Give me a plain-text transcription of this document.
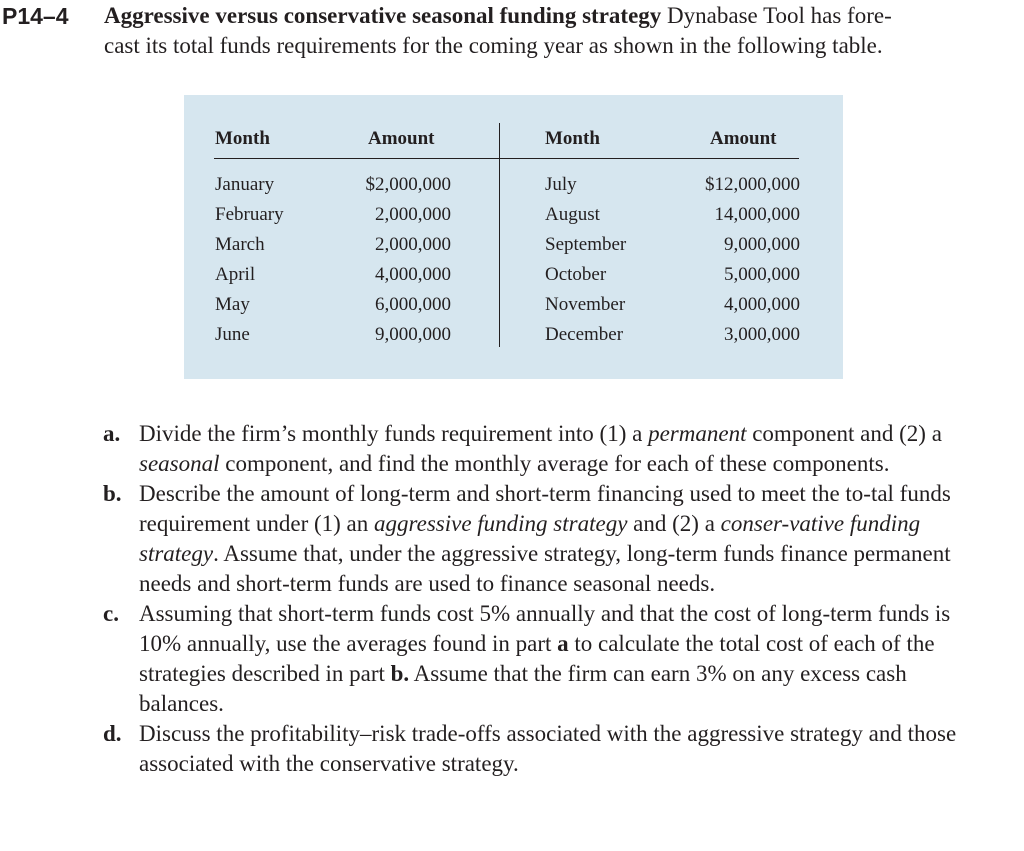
P14–4 Aggressive versus conservative seasonal funding strategy Dynabase Tool has fore-
cast its total funds requirements for the coming year as shown in the following table.
Month	Amount	Month	Amount
January	$2,000,000	July	$12,000,000
February	2,000,000	August	14,000,000
March	2,000,000	September	9,000,000
April	4,000,000	October	5,000,000
May	6,000,000	November	4,000,000
June	9,000,000	December	3,000,000
a. Divide the firm’s monthly funds requirement into (1) a permanent component and (2) a seasonal component, and find the monthly average for each of these components.
b. Describe the amount of long-term and short-term financing used to meet the to-tal funds requirement under (1) an aggressive funding strategy and (2) a conser-vative funding strategy. Assume that, under the aggressive strategy, long-term funds finance permanent needs and short-term funds are used to finance seasonal needs.
c. Assuming that short-term funds cost 5% annually and that the cost of long-term funds is 10% annually, use the averages found in part a to calculate the total cost of each of the strategies described in part b. Assume that the firm can earn 3% on any excess cash balances.
d. Discuss the profitability–risk trade-offs associated with the aggressive strategy and those associated with the conservative strategy.
